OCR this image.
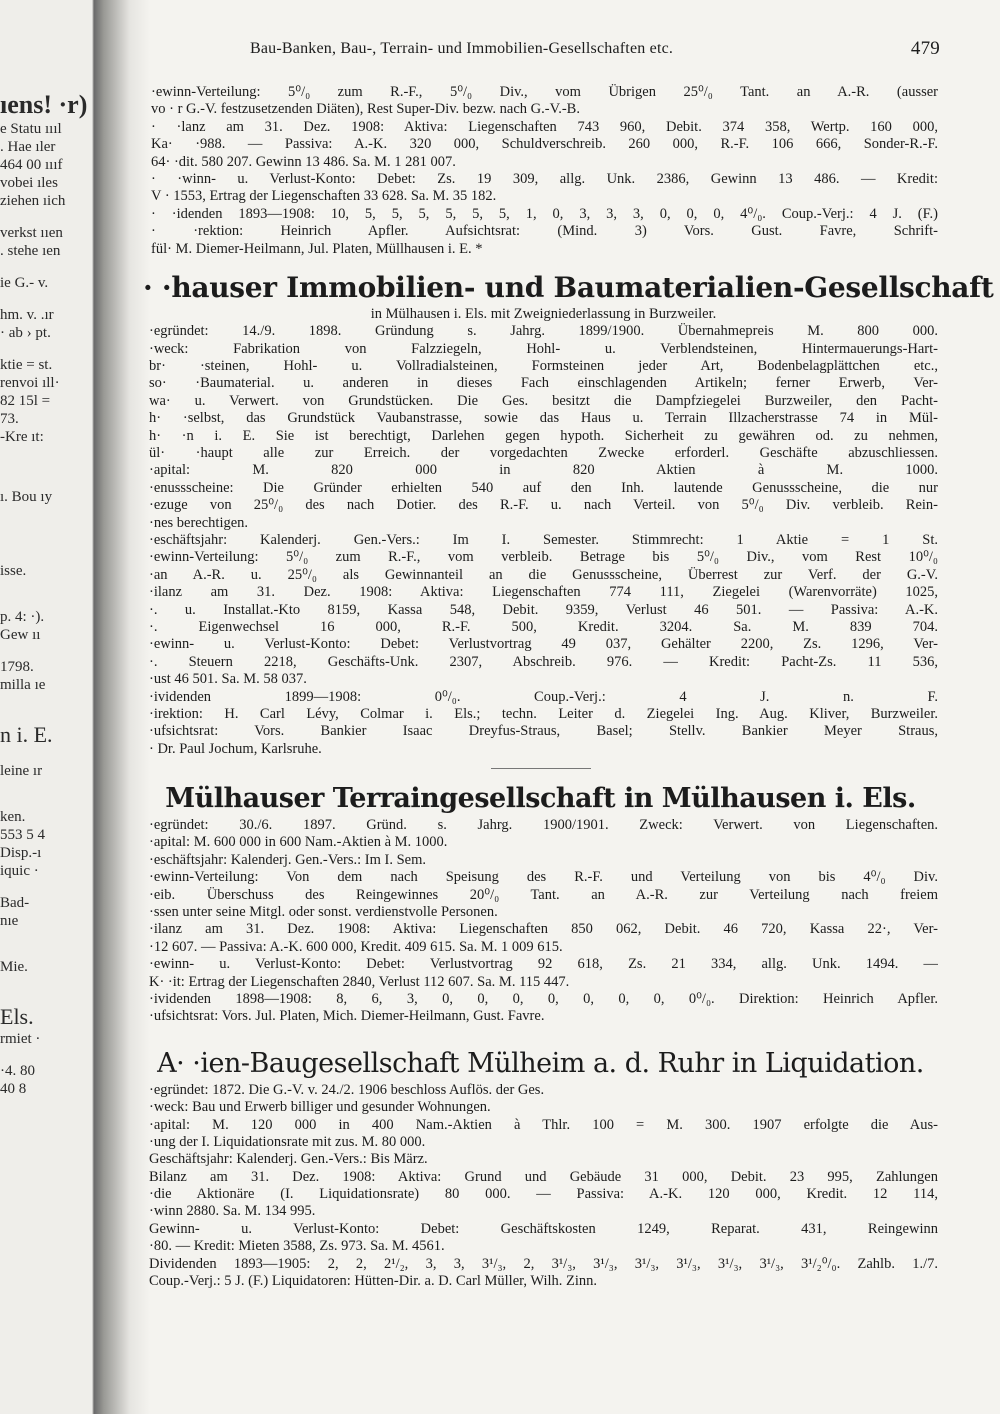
ıens! ·r)
e Statu ıııl
. Hae ıler
464 00 ıııf
vobei ıles
ziehen ıich
verkst ııen
. stehe ıen
ie G.- v.
hm. v. .ır
· ab › pt.
ktie = st.
renvoi ıll·
82 15l =
73.
-Kre ıt:
ı. Bou ıy
isse.
p. 4: ·).
Gew ıı
1798.
milla ıe
n i. E.
leine ır
ken.
553 5 4
Disp.-ı
iquic ·
Bad-
nıe
Mie.
Els.
rmiet ·
·4. 80
40 8
Bau-Banken, Bau-, Terrain- und Immobilien-Gesellschaften etc.	479
·ewinn-Verteilung: 5⁰/₀ zum R.-F., 5⁰/₀ Div., vom Übrigen 25⁰/₀ Tant. an A.-R. (ausser
vo · r G.-V. festzusetzenden Diäten), Rest Super-Div. bezw. nach G.-V.-B.
· ·lanz am 31. Dez. 1908: Aktiva: Liegenschaften 743 960, Debit. 374 358, Wertp. 160 000,
Ka· ·988. — Passiva: A.-K. 320 000, Schuldverschreib. 260 000, R.-F. 106 666, Sonder-R.-F.
64· ·dit. 580 207. Gewinn 13 486. Sa. M. 1 281 007.
· ·winn- u. Verlust-Konto: Debet: Zs. 19 309, allg. Unk. 2386, Gewinn 13 486. — Kredit:
V · 1553, Ertrag der Liegenschaften 33 628. Sa. M. 35 182.
· ·idenden 1893—1908: 10, 5, 5, 5, 5, 5, 5, 1, 0, 3, 3, 3, 0, 0, 0, 4⁰/₀. Coup.-Verj.: 4 J. (F.)
· ·rektion: Heinrich Apfler. Aufsichtsrat: (Mind. 3) Vors. Gust. Favre, Schrift-
fül· M. Diemer-Heilmann, Jul. Platen, Müllhausen i. E. *
· ·hauser Immobilien- und Baumaterialien-Gesellschaft
in Mülhausen i. Els. mit Zweigniederlassung in Burzweiler.
·egründet: 14./9. 1898. Gründung s. Jahrg. 1899/1900. Übernahmepreis M. 800 000.
·weck: Fabrikation von Falzziegeln, Hohl- u. Verblendsteinen, Hintermauerungs-Hart-
br· ·steinen, Hohl- u. Vollradialsteinen, Formsteinen jeder Art, Bodenbelagplättchen etc.,
so· ·Baumaterial. u. anderen in dieses Fach einschlagenden Artikeln; ferner Erwerb, Ver-
wa· u. Verwert. von Grundstücken. Die Ges. besitzt die Dampfziegelei Burzweiler, den Pacht-
h· ·selbst, das Grundstück Vaubanstrasse, sowie das Haus u. Terrain Illzacherstrasse 74 in Mül-
h· ·n i. E. Sie ist berechtigt, Darlehen gegen hypoth. Sicherheit zu gewähren od. zu nehmen,
ül· ·haupt alle zur Erreich. der vorgedachten Zwecke erforderl. Geschäfte abzuschliessen.
·apital: M. 820 000 in 820 Aktien à M. 1000.
·enussscheine: Die Gründer erhielten 540 auf den Inh. lautende Genussscheine, die nur
·ezuge von 25⁰/₀ des nach Dotier. des R.-F. u. nach Verteil. von 5⁰/₀ Div. verbleib. Rein-
·nes berechtigen.
·eschäftsjahr: Kalenderj. Gen.-Vers.: Im I. Semester. Stimmrecht: 1 Aktie = 1 St.
·ewinn-Verteilung: 5⁰/₀ zum R.-F., vom verbleib. Betrage bis 5⁰/₀ Div., vom Rest 10⁰/₀
·an A.-R. u. 25⁰/₀ als Gewinnanteil an die Genussscheine, Überrest zur Verf. der G.-V.
·ilanz am 31. Dez. 1908: Aktiva: Liegenschaften 774 111, Ziegelei (Warenvorräte) 1025,
·. u. Installat.-Kto 8159, Kassa 548, Debit. 9359, Verlust 46 501. — Passiva: A.-K.
·. Eigenwechsel 16 000, R.-F. 500, Kredit. 3204. Sa. M. 839 704.
·ewinn- u. Verlust-Konto: Debet: Verlustvortrag 49 037, Gehälter 2200, Zs. 1296, Ver-
·. Steuern 2218, Geschäfts-Unk. 2307, Abschreib. 976. — Kredit: Pacht-Zs. 11 536,
·ust 46 501. Sa. M. 58 037.
·ividenden 1899—1908: 0⁰/₀. Coup.-Verj.: 4 J. n. F.
·irektion: H. Carl Lévy, Colmar i. Els.; techn. Leiter d. Ziegelei Ing. Aug. Kliver, Burzweiler.
·ufsichtsrat: Vors. Bankier Isaac Dreyfus-Straus, Basel; Stellv. Bankier Meyer Straus,
· Dr. Paul Jochum, Karlsruhe.
Mülhauser Terraingesellschaft in Mülhausen i. Els.
·egründet: 30./6. 1897. Gründ. s. Jahrg. 1900/1901. Zweck: Verwert. von Liegenschaften.
·apital: M. 600 000 in 600 Nam.-Aktien à M. 1000.
·eschäftsjahr: Kalenderj. Gen.-Vers.: Im I. Sem.
·ewinn-Verteilung: Von dem nach Speisung des R.-F. und Verteilung von bis 4⁰/₀ Div.
·eib. Überschuss des Reingewinnes 20⁰/₀ Tant. an A.-R. zur Verteilung nach freiem
·ssen unter seine Mitgl. oder sonst. verdienstvolle Personen.
·ilanz am 31. Dez. 1908: Aktiva: Liegenschaften 850 062, Debit. 46 720, Kassa 22·, Ver-
·12 607. — Passiva: A.-K. 600 000, Kredit. 409 615. Sa. M. 1 009 615.
·ewinn- u. Verlust-Konto: Debet: Verlustvortrag 92 618, Zs. 21 334, allg. Unk. 1494. —
K· ·it: Ertrag der Liegenschaften 2840, Verlust 112 607. Sa. M. 115 447.
·ividenden 1898—1908: 8, 6, 3, 0, 0, 0, 0, 0, 0, 0, 0⁰/₀. Direktion: Heinrich Apfler.
·ufsichtsrat: Vors. Jul. Platen, Mich. Diemer-Heilmann, Gust. Favre.
A· ·ien-Baugesellschaft Mülheim a. d. Ruhr in Liquidation.
·egründet: 1872. Die G.-V. v. 24./2. 1906 beschloss Auflös. der Ges.
·weck: Bau und Erwerb billiger und gesunder Wohnungen.
·apital: M. 120 000 in 400 Nam.-Aktien à Thlr. 100 = M. 300. 1907 erfolgte die Aus-
·ung der I. Liquidationsrate mit zus. M. 80 000.
Geschäftsjahr: Kalenderj. Gen.-Vers.: Bis März.
Bilanz am 31. Dez. 1908: Aktiva: Grund und Gebäude 31 000, Debit. 23 995, Zahlungen
·die Aktionäre (I. Liquidationsrate) 80 000. — Passiva: A.-K. 120 000, Kredit. 12 114,
·winn 2880. Sa. M. 134 995.
Gewinn- u. Verlust-Konto: Debet: Geschäftskosten 1249, Reparat. 431, Reingewinn
·80. — Kredit: Mieten 3588, Zs. 973. Sa. M. 4561.
Dividenden 1893—1905: 2, 2, 2¹/₂, 3, 3, 3¹/₃, 2, 3¹/₃, 3¹/₃, 3¹/₃, 3¹/₃, 3¹/₃, 3¹/₃, 3¹/₂⁰/₀. Zahlb. 1./7.
Coup.-Verj.: 5 J. (F.) Liquidatoren: Hütten-Dir. a. D. Carl Müller, Wilh. Zinn.
